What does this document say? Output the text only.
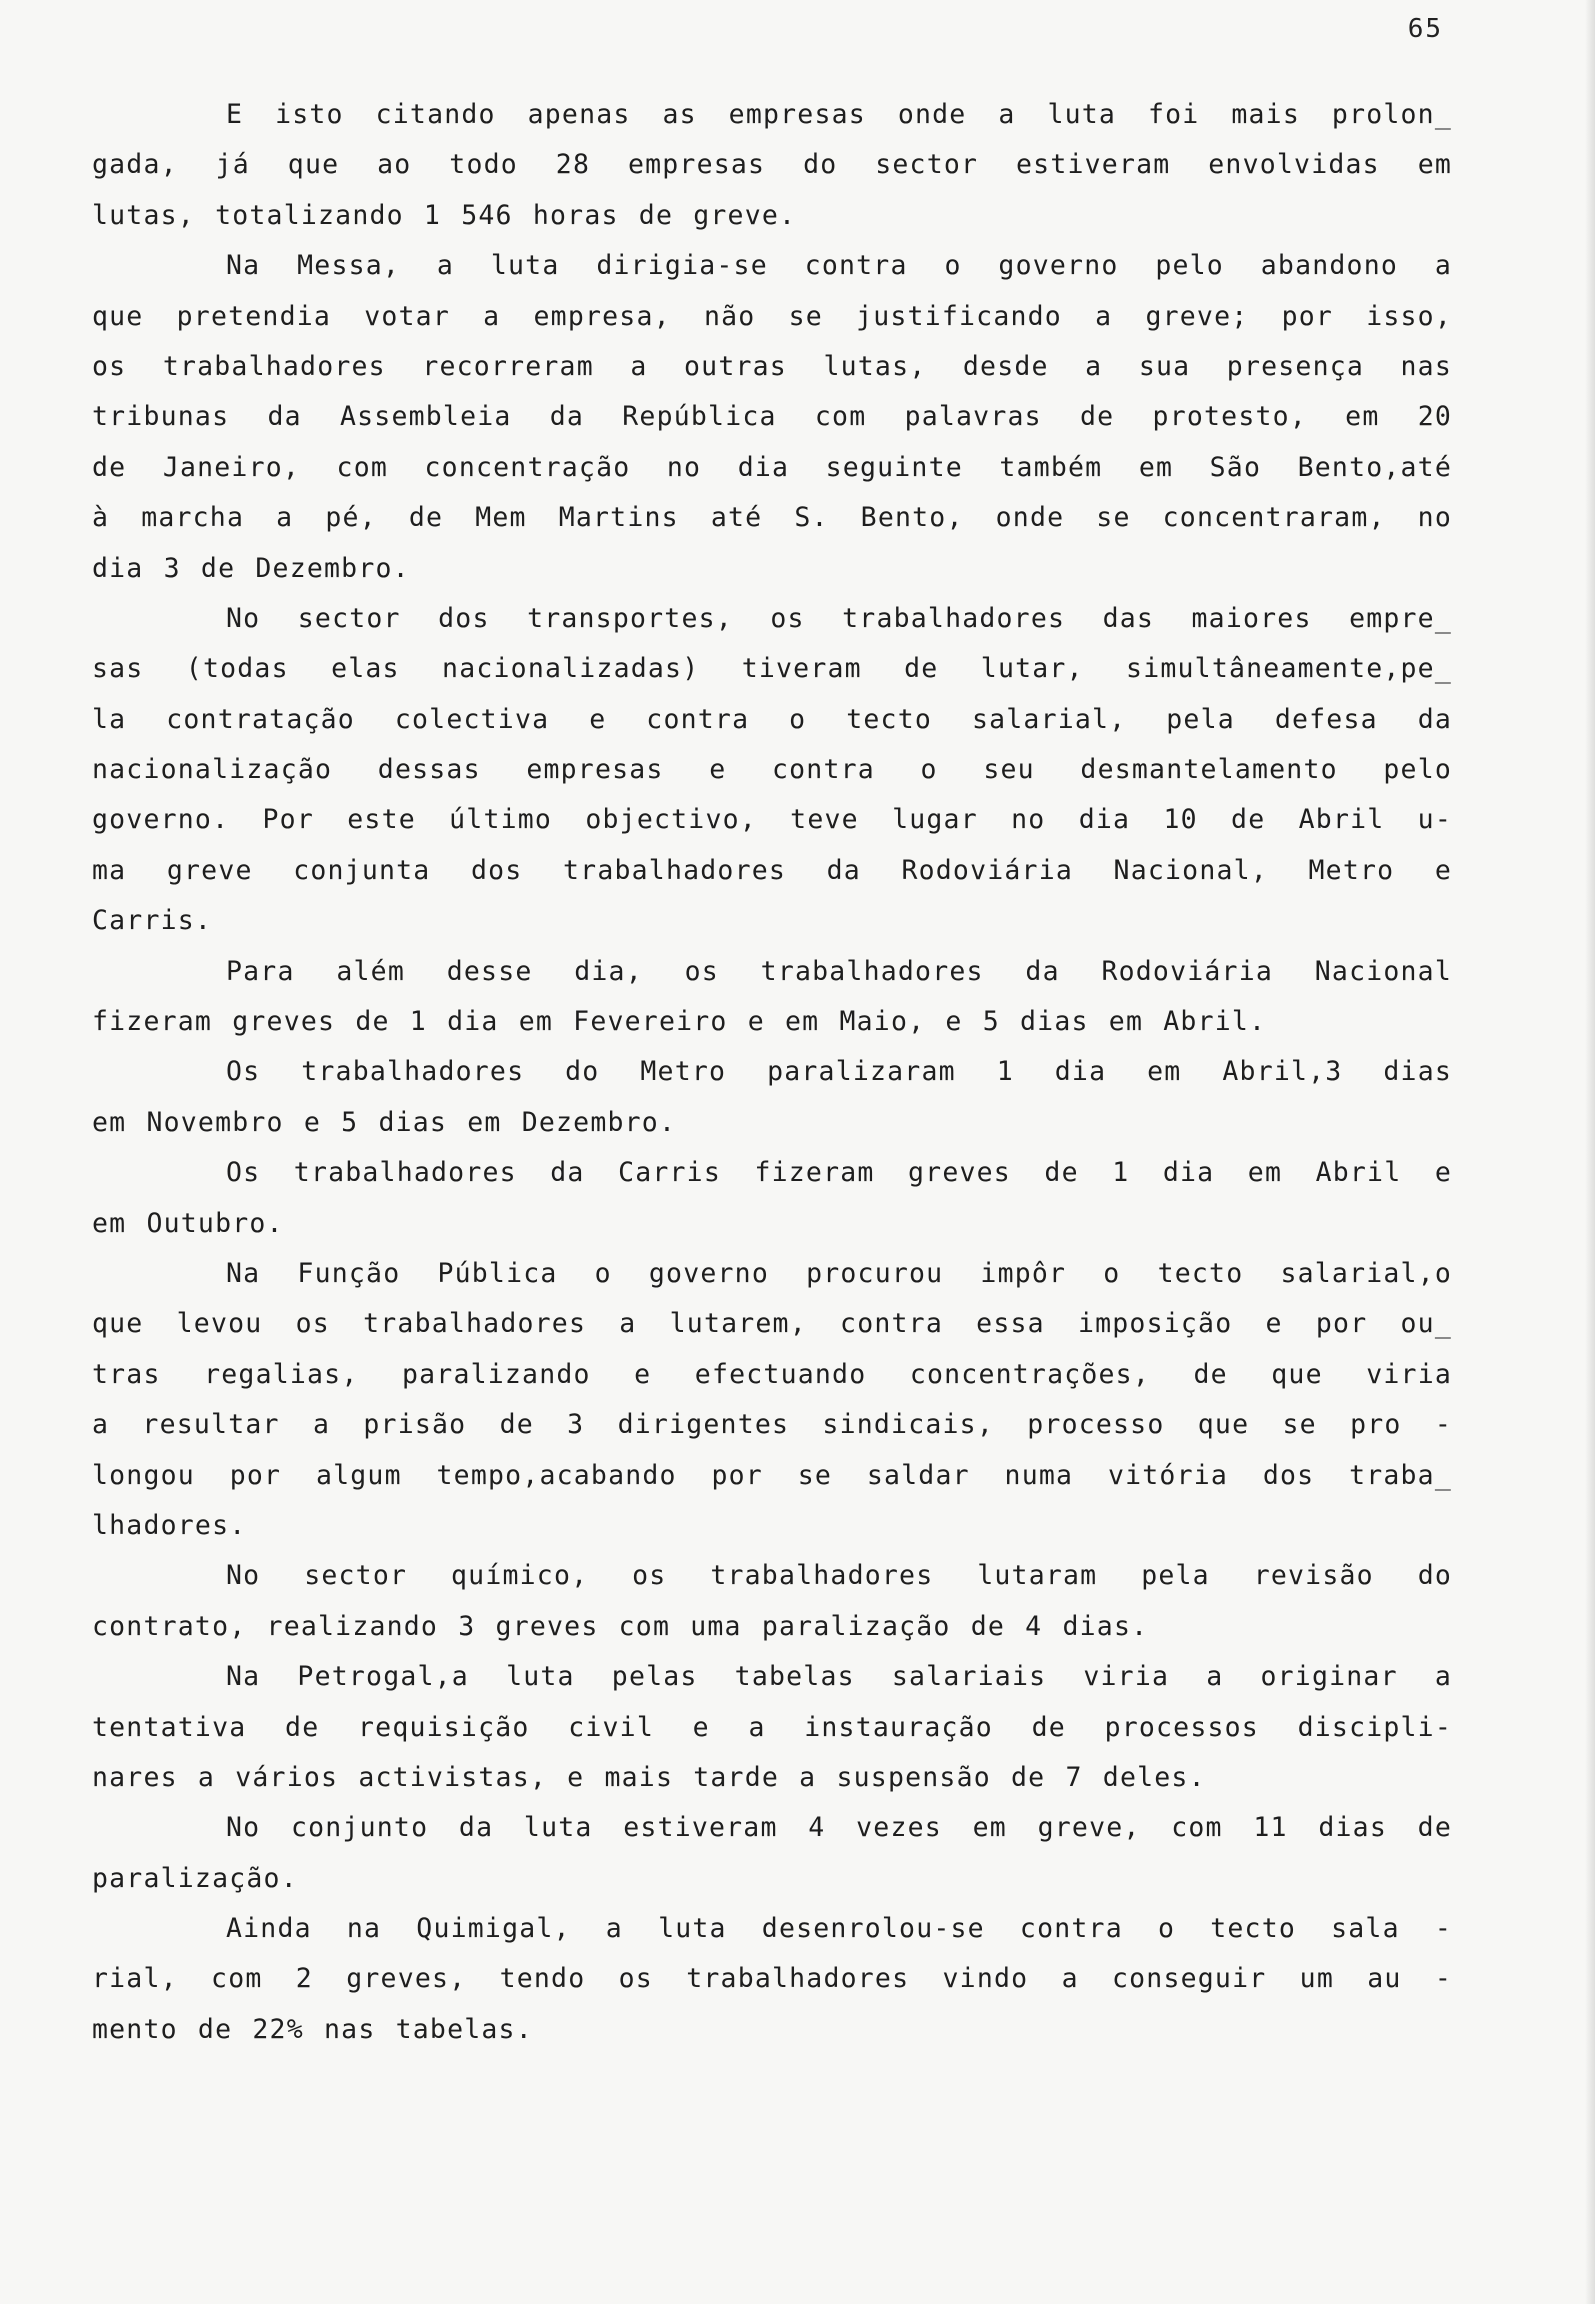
65
E isto citando apenas as empresas onde a luta foi mais prolon_
gada, já que ao todo 28 empresas do sector estiveram envolvidas em
lutas, totalizando 1 546 horas de greve.
Na Messa, a luta dirigia-se contra o governo pelo abandono a
que pretendia votar a empresa, não se justificando a greve; por isso,
os trabalhadores recorreram a outras lutas, desde a sua presença nas
tribunas da Assembleia da República com palavras de protesto, em 20
de Janeiro, com concentração no dia seguinte também em São Bento,até
à marcha a pé, de Mem Martins até S. Bento, onde se concentraram, no
dia 3 de Dezembro.
No sector dos transportes, os trabalhadores das maiores empre_
sas (todas elas nacionalizadas) tiveram de lutar, simultâneamente,pe_
la contratação colectiva e contra o tecto salarial, pela defesa da
nacionalização dessas empresas e contra o seu desmantelamento pelo
governo. Por este último objectivo, teve lugar no dia 10 de Abril u-
ma greve conjunta dos trabalhadores da Rodoviária Nacional, Metro e
Carris.
Para além desse dia, os trabalhadores da Rodoviária Nacional
fizeram greves de 1 dia em Fevereiro e em Maio, e 5 dias em Abril.
Os trabalhadores do Metro paralizaram 1 dia em Abril,3 dias
em Novembro e 5 dias em Dezembro.
Os trabalhadores da Carris fizeram greves de 1 dia em Abril e
em Outubro.
Na Função Pública o governo procurou impôr o tecto salarial,o
que levou os trabalhadores a lutarem, contra essa imposição e por ou_
tras regalias, paralizando e efectuando concentrações, de que viria
a resultar a prisão de 3 dirigentes sindicais, processo que se pro -
longou por algum tempo,acabando por se saldar numa vitória dos traba_
lhadores.
No sector químico, os trabalhadores lutaram pela revisão do
contrato, realizando 3 greves com uma paralização de 4 dias.
Na Petrogal,a luta pelas tabelas salariais viria a originar a
tentativa de requisição civil e a instauração de processos discipli-
nares a vários activistas, e mais tarde a suspensão de 7 deles.
No conjunto da luta estiveram 4 vezes em greve, com 11 dias de
paralização.
Ainda na Quimigal, a luta desenrolou-se contra o tecto sala -
rial, com 2 greves, tendo os trabalhadores vindo a conseguir um au -
mento de 22% nas tabelas.
